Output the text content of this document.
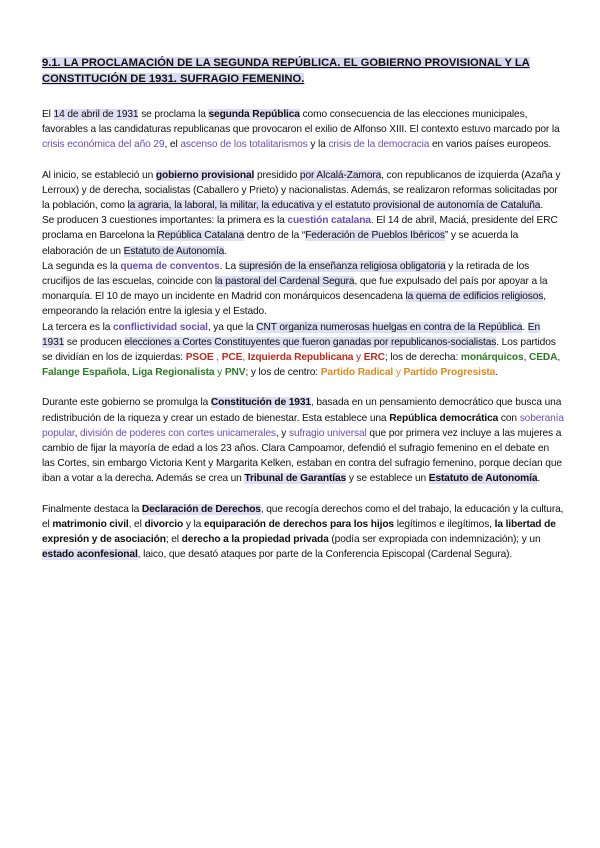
9.1. LA PROCLAMACIÓN DE LA SEGUNDA REPÚBLICA. EL GOBIERNO PROVISIONAL Y LA CONSTITUCIÓN DE 1931. SUFRAGIO FEMENINO.

El 14 de abril de 1931 se proclama la segunda República como consecuencia de las elecciones municipales, favorables a las candidaturas republicanas que provocaron el exilio de Alfonso XIII. El contexto estuvo marcado por la crisis económica del año 29, el ascenso de los totalitarismos y la crisis de la democracia en varios países europeos.

Al inicio, se estableció un gobierno provisional presidido por Alcalá-Zamora, con republicanos de izquierda (Azaña y Lerroux) y de derecha, socialistas (Caballero y Prieto) y nacionalistas. Además, se realizaron reformas solicitadas por la población, como la agraria, la laboral, la militar, la educativa y el estatuto provisional de autonomía de Cataluña.

Se producen 3 cuestiones importantes: la primera es la cuestión catalana. El 14 de abril, Maciá, presidente del ERC proclama en Barcelona la República Catalana dentro de la “Federación de Pueblos Ibéricos” y se acuerda la elaboración de un Estatuto de Autonomía.

La segunda es la quema de conventos. La supresión de la enseñanza religiosa obligatoria y la retirada de los crucifijos de las escuelas, coincide con la pastoral del Cardenal Segura, que fue expulsado del país por apoyar a la monarquía. El 10 de mayo un incidente en Madrid con monárquicos desencadena la quema de edificios religiosos, empeorando la relación entre la iglesia y el Estado.

La tercera es la conflictividad social, ya que la CNT organiza numerosas huelgas en contra de la República. En 1931 se producen elecciones a Cortes Constituyentes que fueron ganadas por republicanos-socialistas. Los partidos se dividían en los de izquierdas: PSOE , PCE, Izquierda Republicana y ERC; los de derecha: monárquicos, CEDA, Falange Española, Liga Regionalista y PNV; y los de centro: Partido Radical y Partido Progresista.

Durante este gobierno se promulga la Constitución de 1931, basada en un pensamiento democrático que busca una redistribución de la riqueza y crear un estado de bienestar. Esta establece una República democrática con soberanía popular, división de poderes con cortes unicamerales, y sufragio universal que por primera vez incluye a las mujeres a cambio de fijar la mayoría de edad a los 23 años. Clara Campoamor, defendió el sufragio femenino en el debate en las Cortes, sin embargo Victoria Kent y Margarita Kelken, estaban en contra del sufragio femenino, porque decían que iban a votar a la derecha. Además se crea un Tribunal de Garantías y se establece un Estatuto de Autonomía.

Finalmente destaca la Declaración de Derechos, que recogía derechos como el del trabajo, la educación y la cultura, el matrimonio civil, el divorcio y la equiparación de derechos para los hijos legítimos e ilegítimos, la libertad de expresión y de asociación; el derecho a la propiedad privada (podía ser expropiada con indemnización); y un estado aconfesional, laico, que desató ataques por parte de la Conferencia Episcopal (Cardenal Segura).
